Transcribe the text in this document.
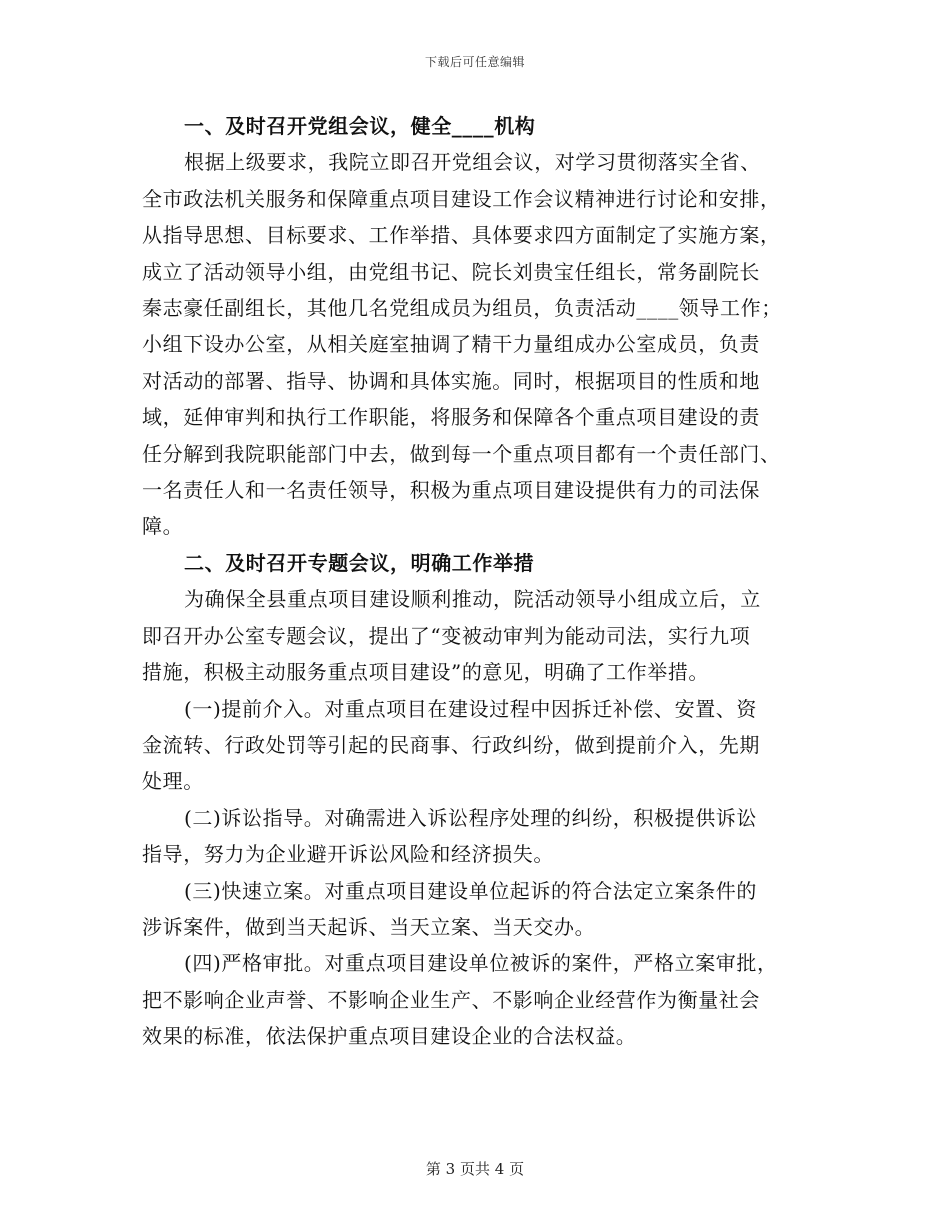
下载后可任意编辑
一、及时召开党组会议，健全____机构

根据上级要求，我院立即召开党组会议，对学习贯彻落实全省、
全市政法机关服务和保障重点项目建设工作会议精神进行讨论和安排，
从指导思想、目标要求、工作举措、具体要求四方面制定了实施方案，
成立了活动领导小组，由党组书记、院长刘贵宝任组长，常务副院长
秦志豪任副组长，其他几名党组成员为组员，负责活动____领导工作；
小组下设办公室，从相关庭室抽调了精干力量组成办公室成员，负责
对活动的部署、指导、协调和具体实施。同时，根据项目的性质和地
域，延伸审判和执行工作职能，将服务和保障各个重点项目建设的责
任分解到我院职能部门中去，做到每一个重点项目都有一个责任部门、
一名责任人和一名责任领导，积极为重点项目建设提供有力的司法保
障。

二、及时召开专题会议，明确工作举措

为确保全县重点项目建设顺利推动，院活动领导小组成立后，立
即召开办公室专题会议，提出了“变被动审判为能动司法，实行九项
措施，积极主动服务重点项目建设”的意见，明确了工作举措。

(一)提前介入。对重点项目在建设过程中因拆迁补偿、安置、资
金流转、行政处罚等引起的民商事、行政纠纷，做到提前介入，先期
处理。

(二)诉讼指导。对确需进入诉讼程序处理的纠纷，积极提供诉讼
指导，努力为企业避开诉讼风险和经济损失。

(三)快速立案。对重点项目建设单位起诉的符合法定立案条件的
涉诉案件，做到当天起诉、当天立案、当天交办。

(四)严格审批。对重点项目建设单位被诉的案件，严格立案审批，
把不影响企业声誉、不影响企业生产、不影响企业经营作为衡量社会
效果的标准，依法保护重点项目建设企业的合法权益。

第 3 页共 4 页
